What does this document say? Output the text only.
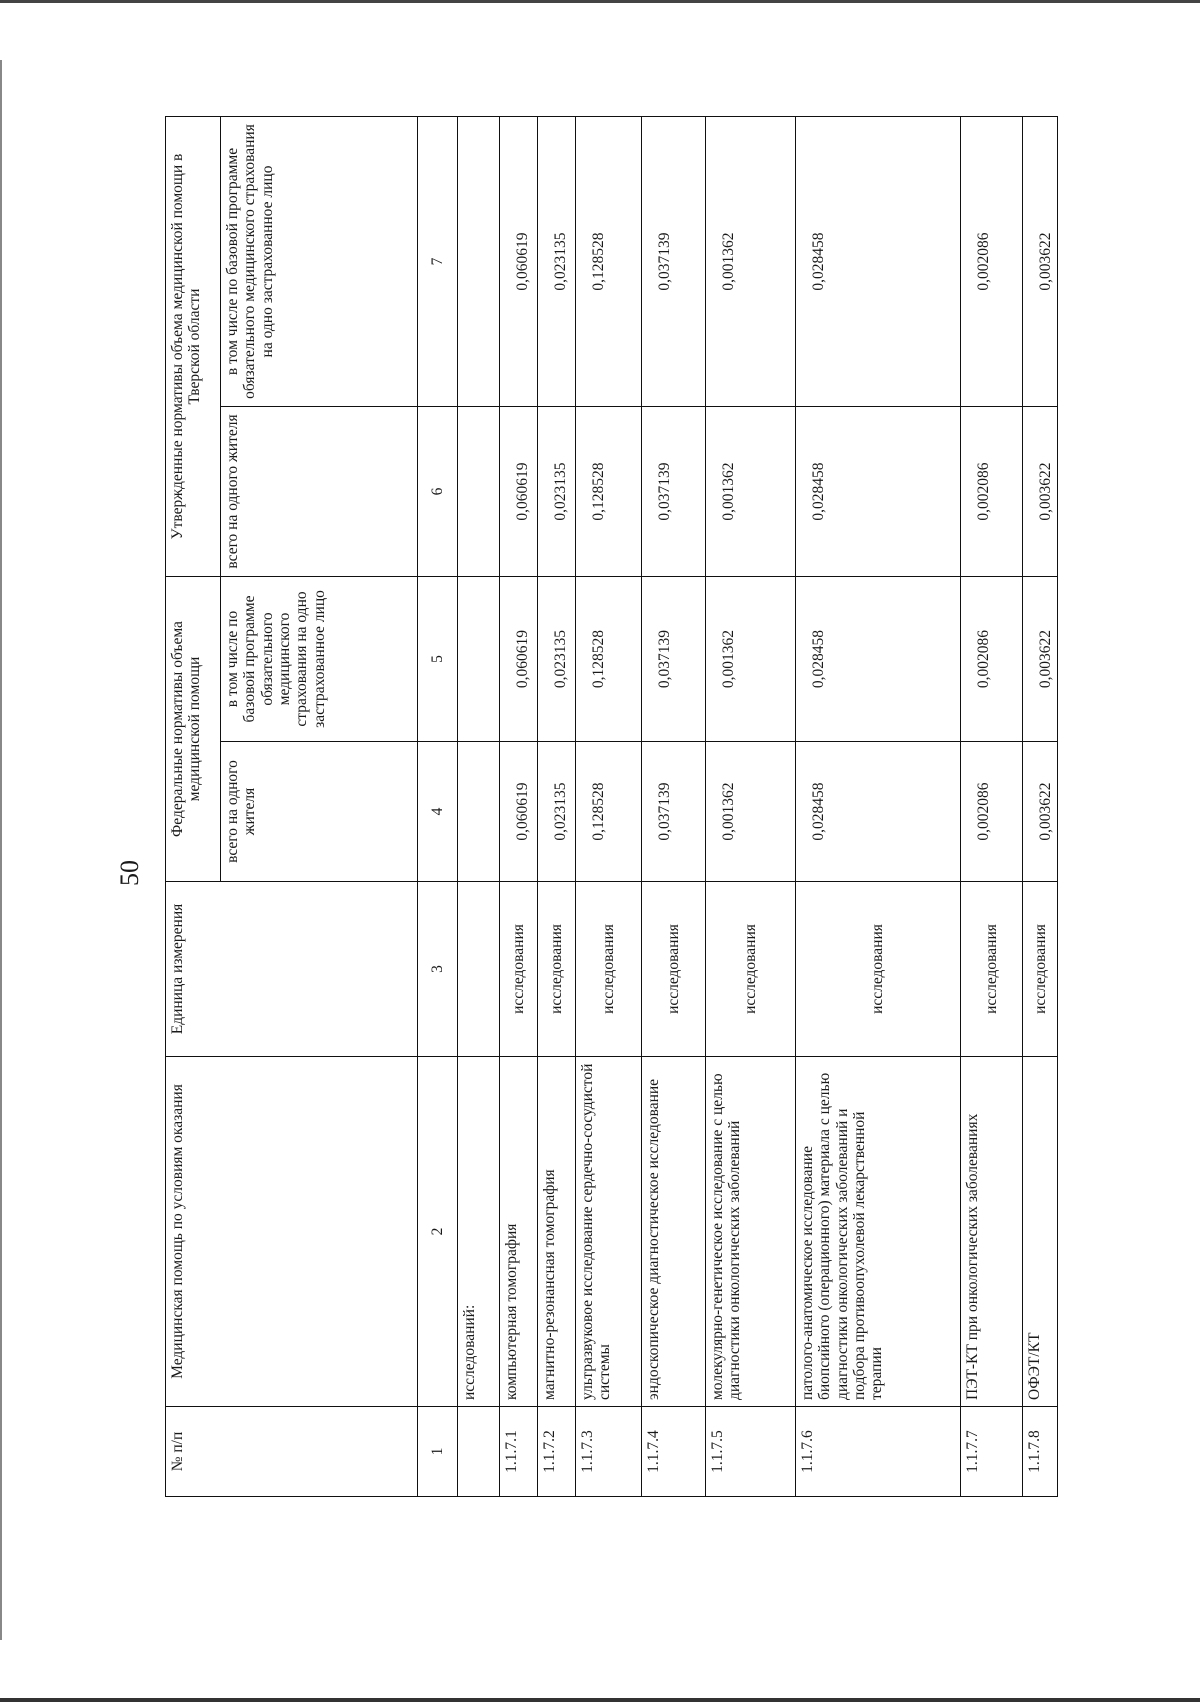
50
№ п/п	Медицинская помощь по условиям оказания	Единица измерения	Федеральные нормативы объема медицинской помощи		Утвержденные нормативы объема медицинской помощи в Тверской области	
			всего на одного жителя	в том числе по базовой программе обязательного медицинского страхования на одно застрахованное лицо	всего на одного жителя	в том числе по базовой программе обязательного медицинского страхования на одно застрахованное лицо
1	2	3	4	5	6	7
	исследований:					
1.1.7.1	компьютерная томография	исследования	0,060619	0,060619	0,060619	0,060619
1.1.7.2	магнитно-резонансная томография	исследования	0,023135	0,023135	0,023135	0,023135
1.1.7.3	ультразвуковое исследование сердечно-сосудистой системы	исследования	0,128528	0,128528	0,128528	0,128528
1.1.7.4	эндоскопическое диагностическое исследование	исследования	0,037139	0,037139	0,037139	0,037139
1.1.7.5	молекулярно-генетическое исследование с целью диагностики онкологических заболеваний	исследования	0,001362	0,001362	0,001362	0,001362
1.1.7.6	патолого-анатомическое исследование биопсийного (операционного) материала с целью диагностики онкологических заболеваний и подбора противоопухолевой лекарственной терапии	исследования	0,028458	0,028458	0,028458	0,028458
1.1.7.7	ПЭТ-КТ при онкологических заболеваниях	исследования	0,002086	0,002086	0,002086	0,002086
1.1.7.8	ОФЭТ/КТ	исследования	0,003622	0,003622	0,003622	0,003622
